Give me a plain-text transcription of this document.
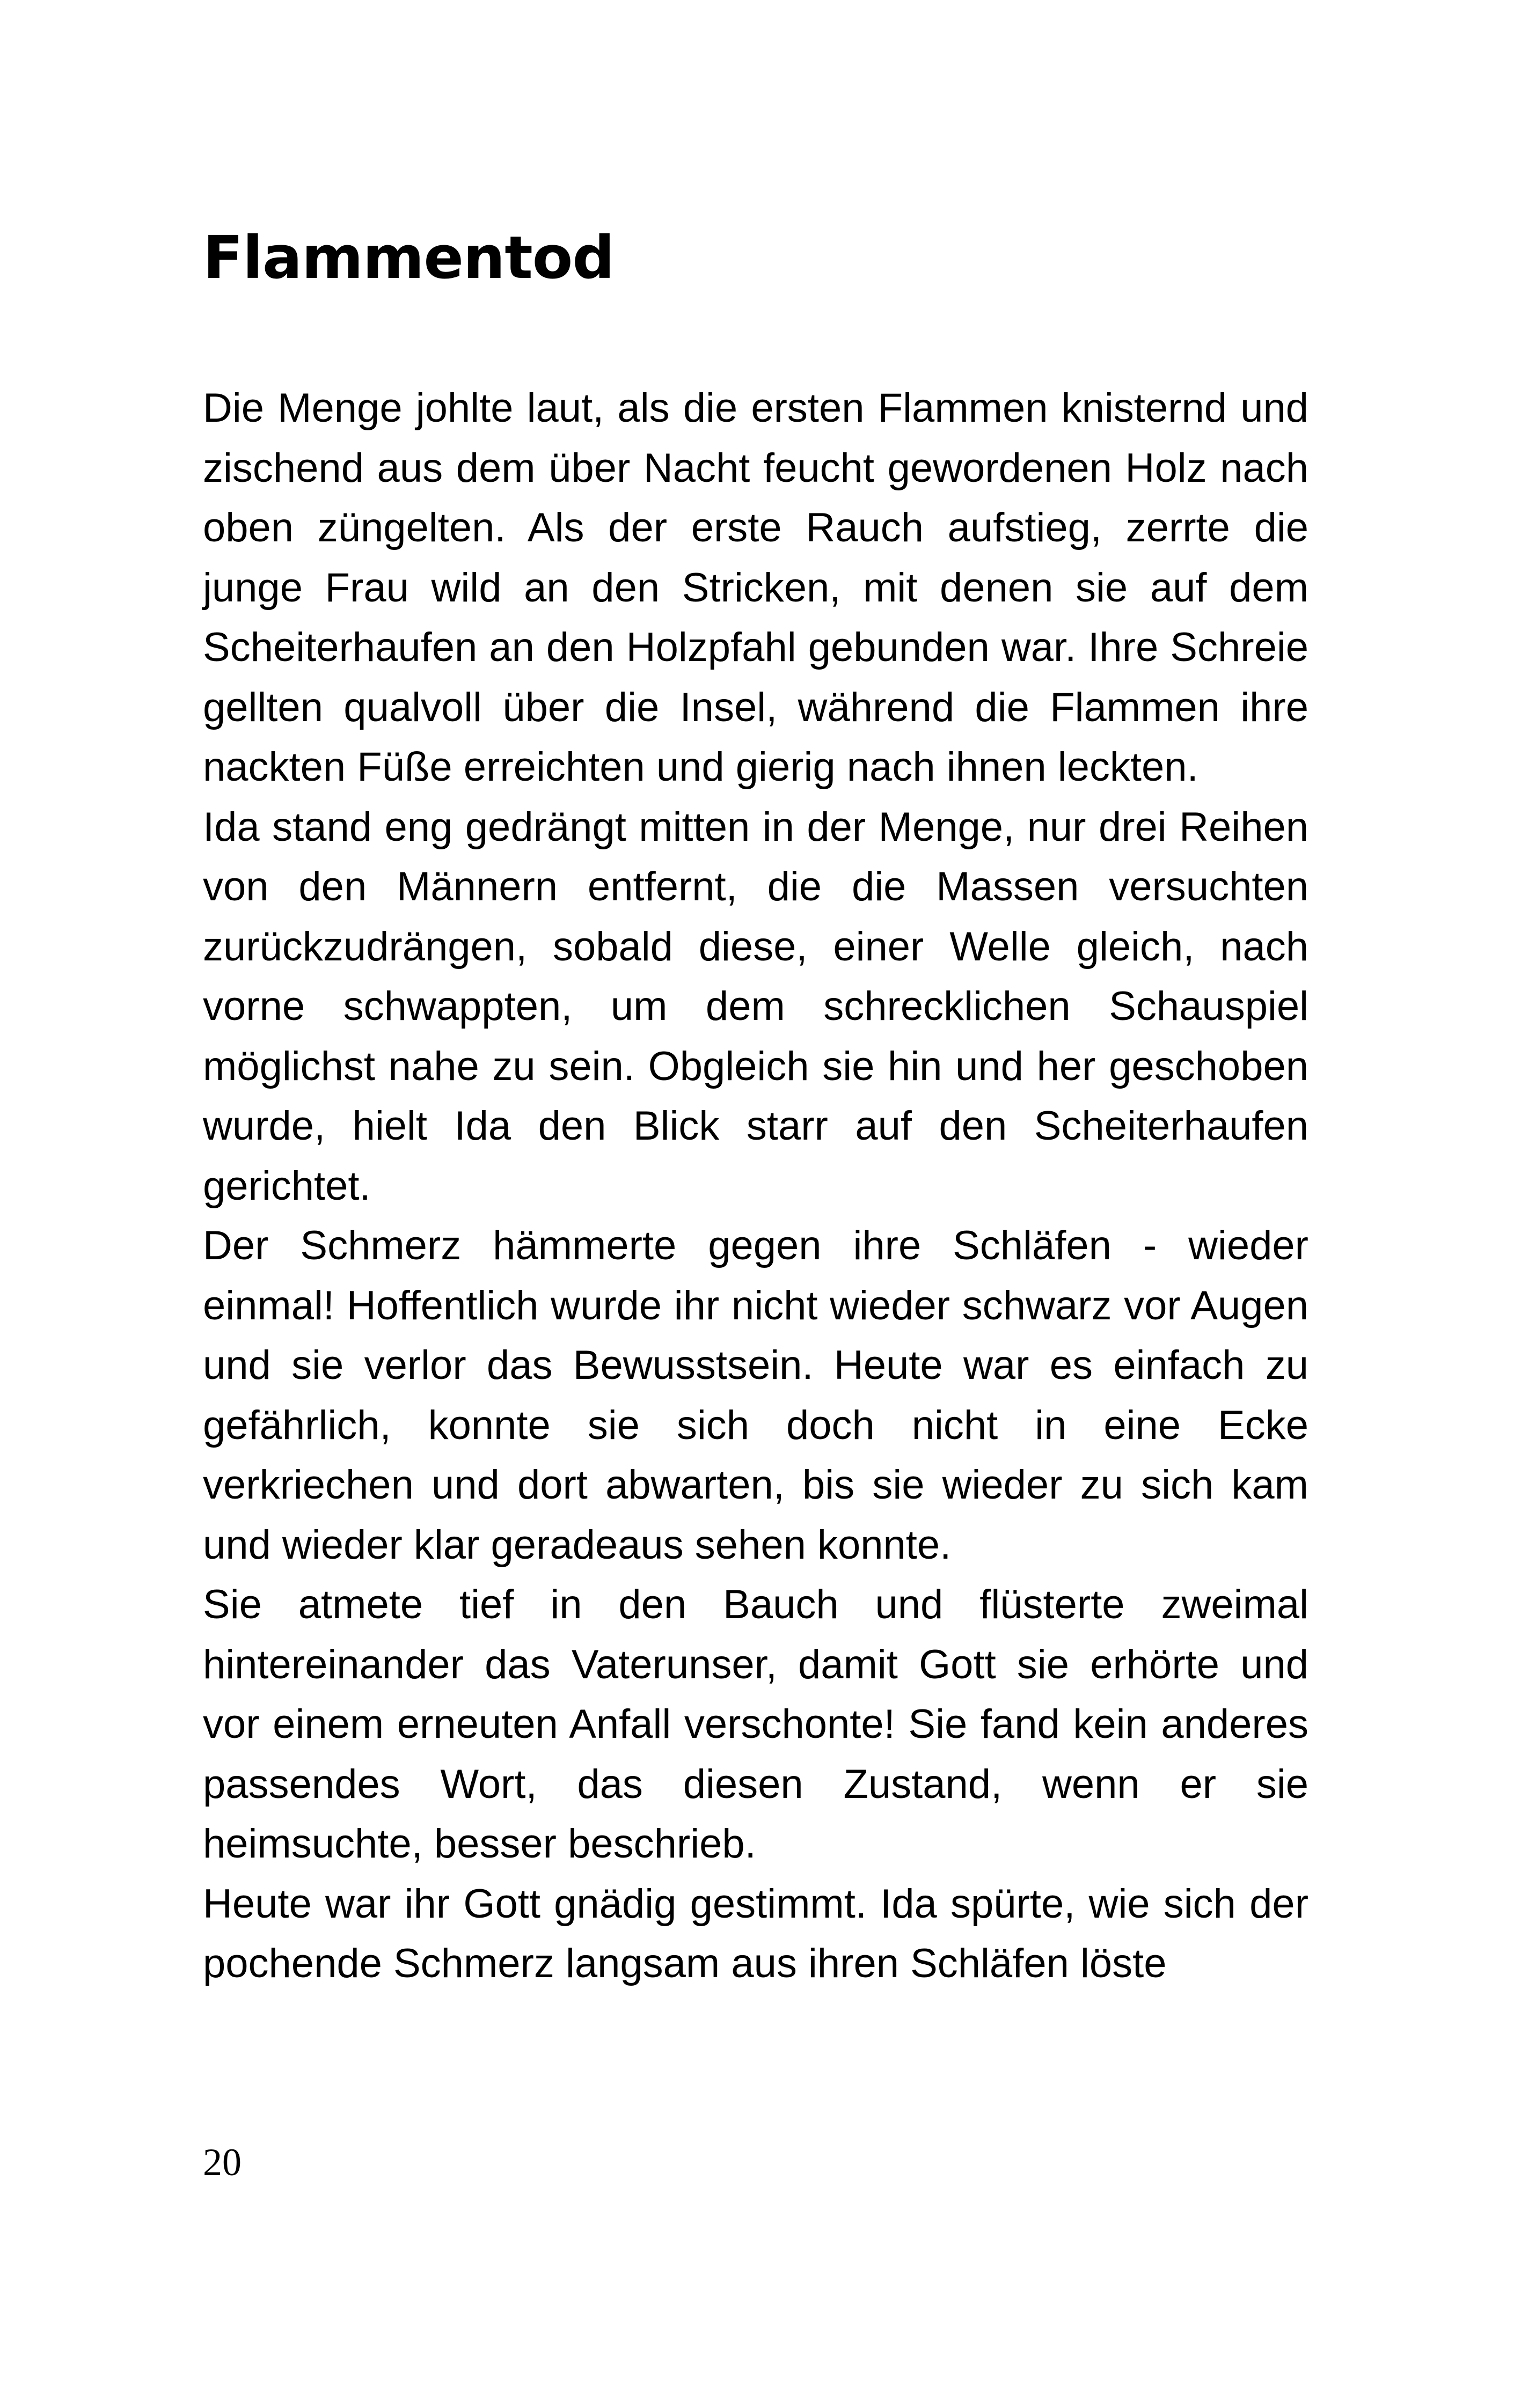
Flammentod

Die Menge johlte laut, als die ersten Flammen knisternd und zischend aus dem über Nacht feucht gewordenen Holz nach oben züngelten. Als der erste Rauch aufstieg, zerrte die junge Frau wild an den Stricken, mit denen sie auf dem Scheiterhaufen an den Holzpfahl gebunden war. Ihre Schreie gellten qualvoll über die Insel, während die Flammen ihre nackten Füße erreichten und gierig nach ihnen leckten.

Ida stand eng gedrängt mitten in der Menge, nur drei Reihen von den Männern entfernt, die die Massen versuchten zurückzudrängen, sobald diese, einer Welle gleich, nach vorne schwappten, um dem schrecklichen Schauspiel möglichst nahe zu sein. Obgleich sie hin und her geschoben wurde, hielt Ida den Blick starr auf den Scheiterhaufen gerichtet.

Der Schmerz hämmerte gegen ihre Schläfen - wieder einmal! Hoffentlich wurde ihr nicht wieder schwarz vor Augen und sie verlor das Bewusstsein. Heute war es einfach zu gefährlich, konnte sie sich doch nicht in eine Ecke verkriechen und dort abwarten, bis sie wieder zu sich kam und wieder klar geradeaus sehen konnte.

Sie atmete tief in den Bauch und flüsterte zweimal hintereinander das Vaterunser, damit Gott sie erhörte und vor einem erneuten Anfall verschonte! Sie fand kein anderes passendes Wort, das diesen Zustand, wenn er sie heimsuchte, besser beschrieb.

Heute war ihr Gott gnädig gestimmt. Ida spürte, wie sich der pochende Schmerz langsam aus ihren Schläfen löste

20
